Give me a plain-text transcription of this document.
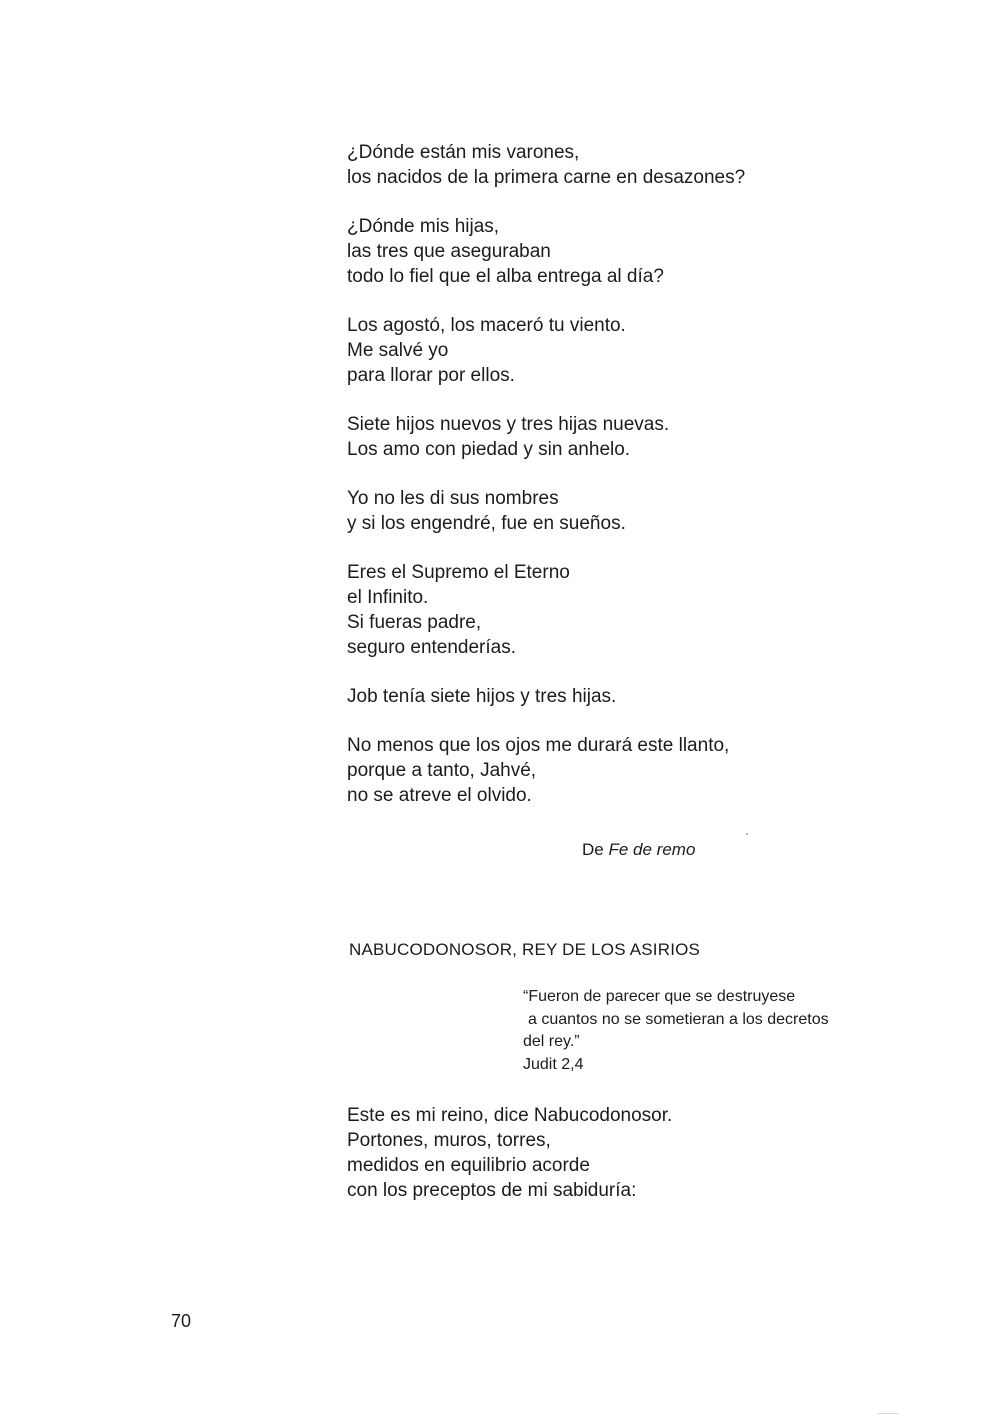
¿Dónde están mis varones,
los nacidos de la primera carne en desazones?
¿Dónde mis hijas,
las tres que aseguraban
todo lo fiel que el alba entrega al día?
Los agostó, los maceró tu viento.
Me salvé yo
para llorar por ellos.
Siete hijos nuevos y tres hijas nuevas.
Los amo con piedad y sin anhelo.
Yo no les di sus nombres
y si los engendré, fue en sueños.
Eres el Supremo el Eterno
el Infinito.
Si fueras padre,
seguro entenderías.
Job tenía siete hijos y tres hijas.
No menos que los ojos me durará este llanto,
porque a tanto, Jahvé,
no se atreve el olvido.
De Fe de remo
NABUCODONOSOR, REY DE LOS ASIRIOS
“Fueron de parecer que se destruyese
a cuantos no se sometieran a los decretos
del rey.”
Judit 2,4
Este es mi reino, dice Nabucodonosor.
Portones, muros, torres,
medidos en equilibrio acorde
con los preceptos de mi sabiduría:
70
